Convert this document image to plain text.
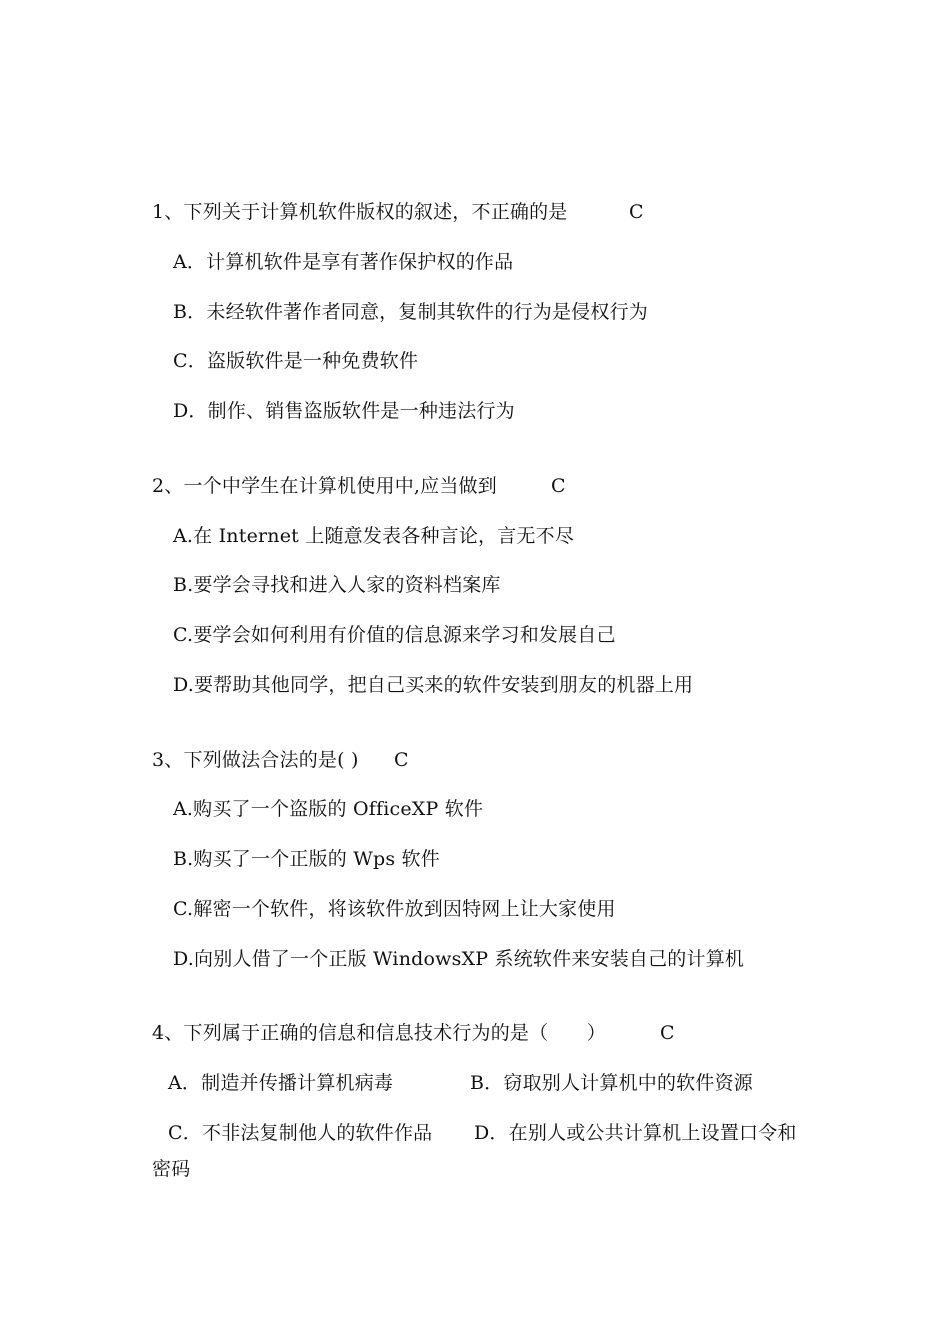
1、下列关于计算机软件版权的叙述，不正确的是	C
A．计算机软件是享有著作保护权的作品
B．未经软件著作者同意，复制其软件的行为是侵权行为
C．盗版软件是一种免费软件
D．制作、销售盗版软件是一种违法行为
2、一个中学生在计算机使用中,应当做到	C
A.在 Internet 上随意发表各种言论，言无不尽
B.要学会寻找和进入人家的资料档案库
C.要学会如何利用有价值的信息源来学习和发展自己
D.要帮助其他同学，把自己买来的软件安装到朋友的机器上用
3、下列做法合法的是( ) C
A.购买了一个盗版的 OfficeXP 软件
B.购买了一个正版的 Wps 软件
C.解密一个软件，将该软件放到因特网上让大家使用
D.向别人借了一个正版 WindowsXP 系统软件来安装自己的计算机
4、下列属于正确的信息和信息技术行为的是（　　）	C
A．制造并传播计算机病毒	B．窃取别人计算机中的软件资源
C．不非法复制他人的软件作品 D．在别人或公共计算机上设置口令和
密码
